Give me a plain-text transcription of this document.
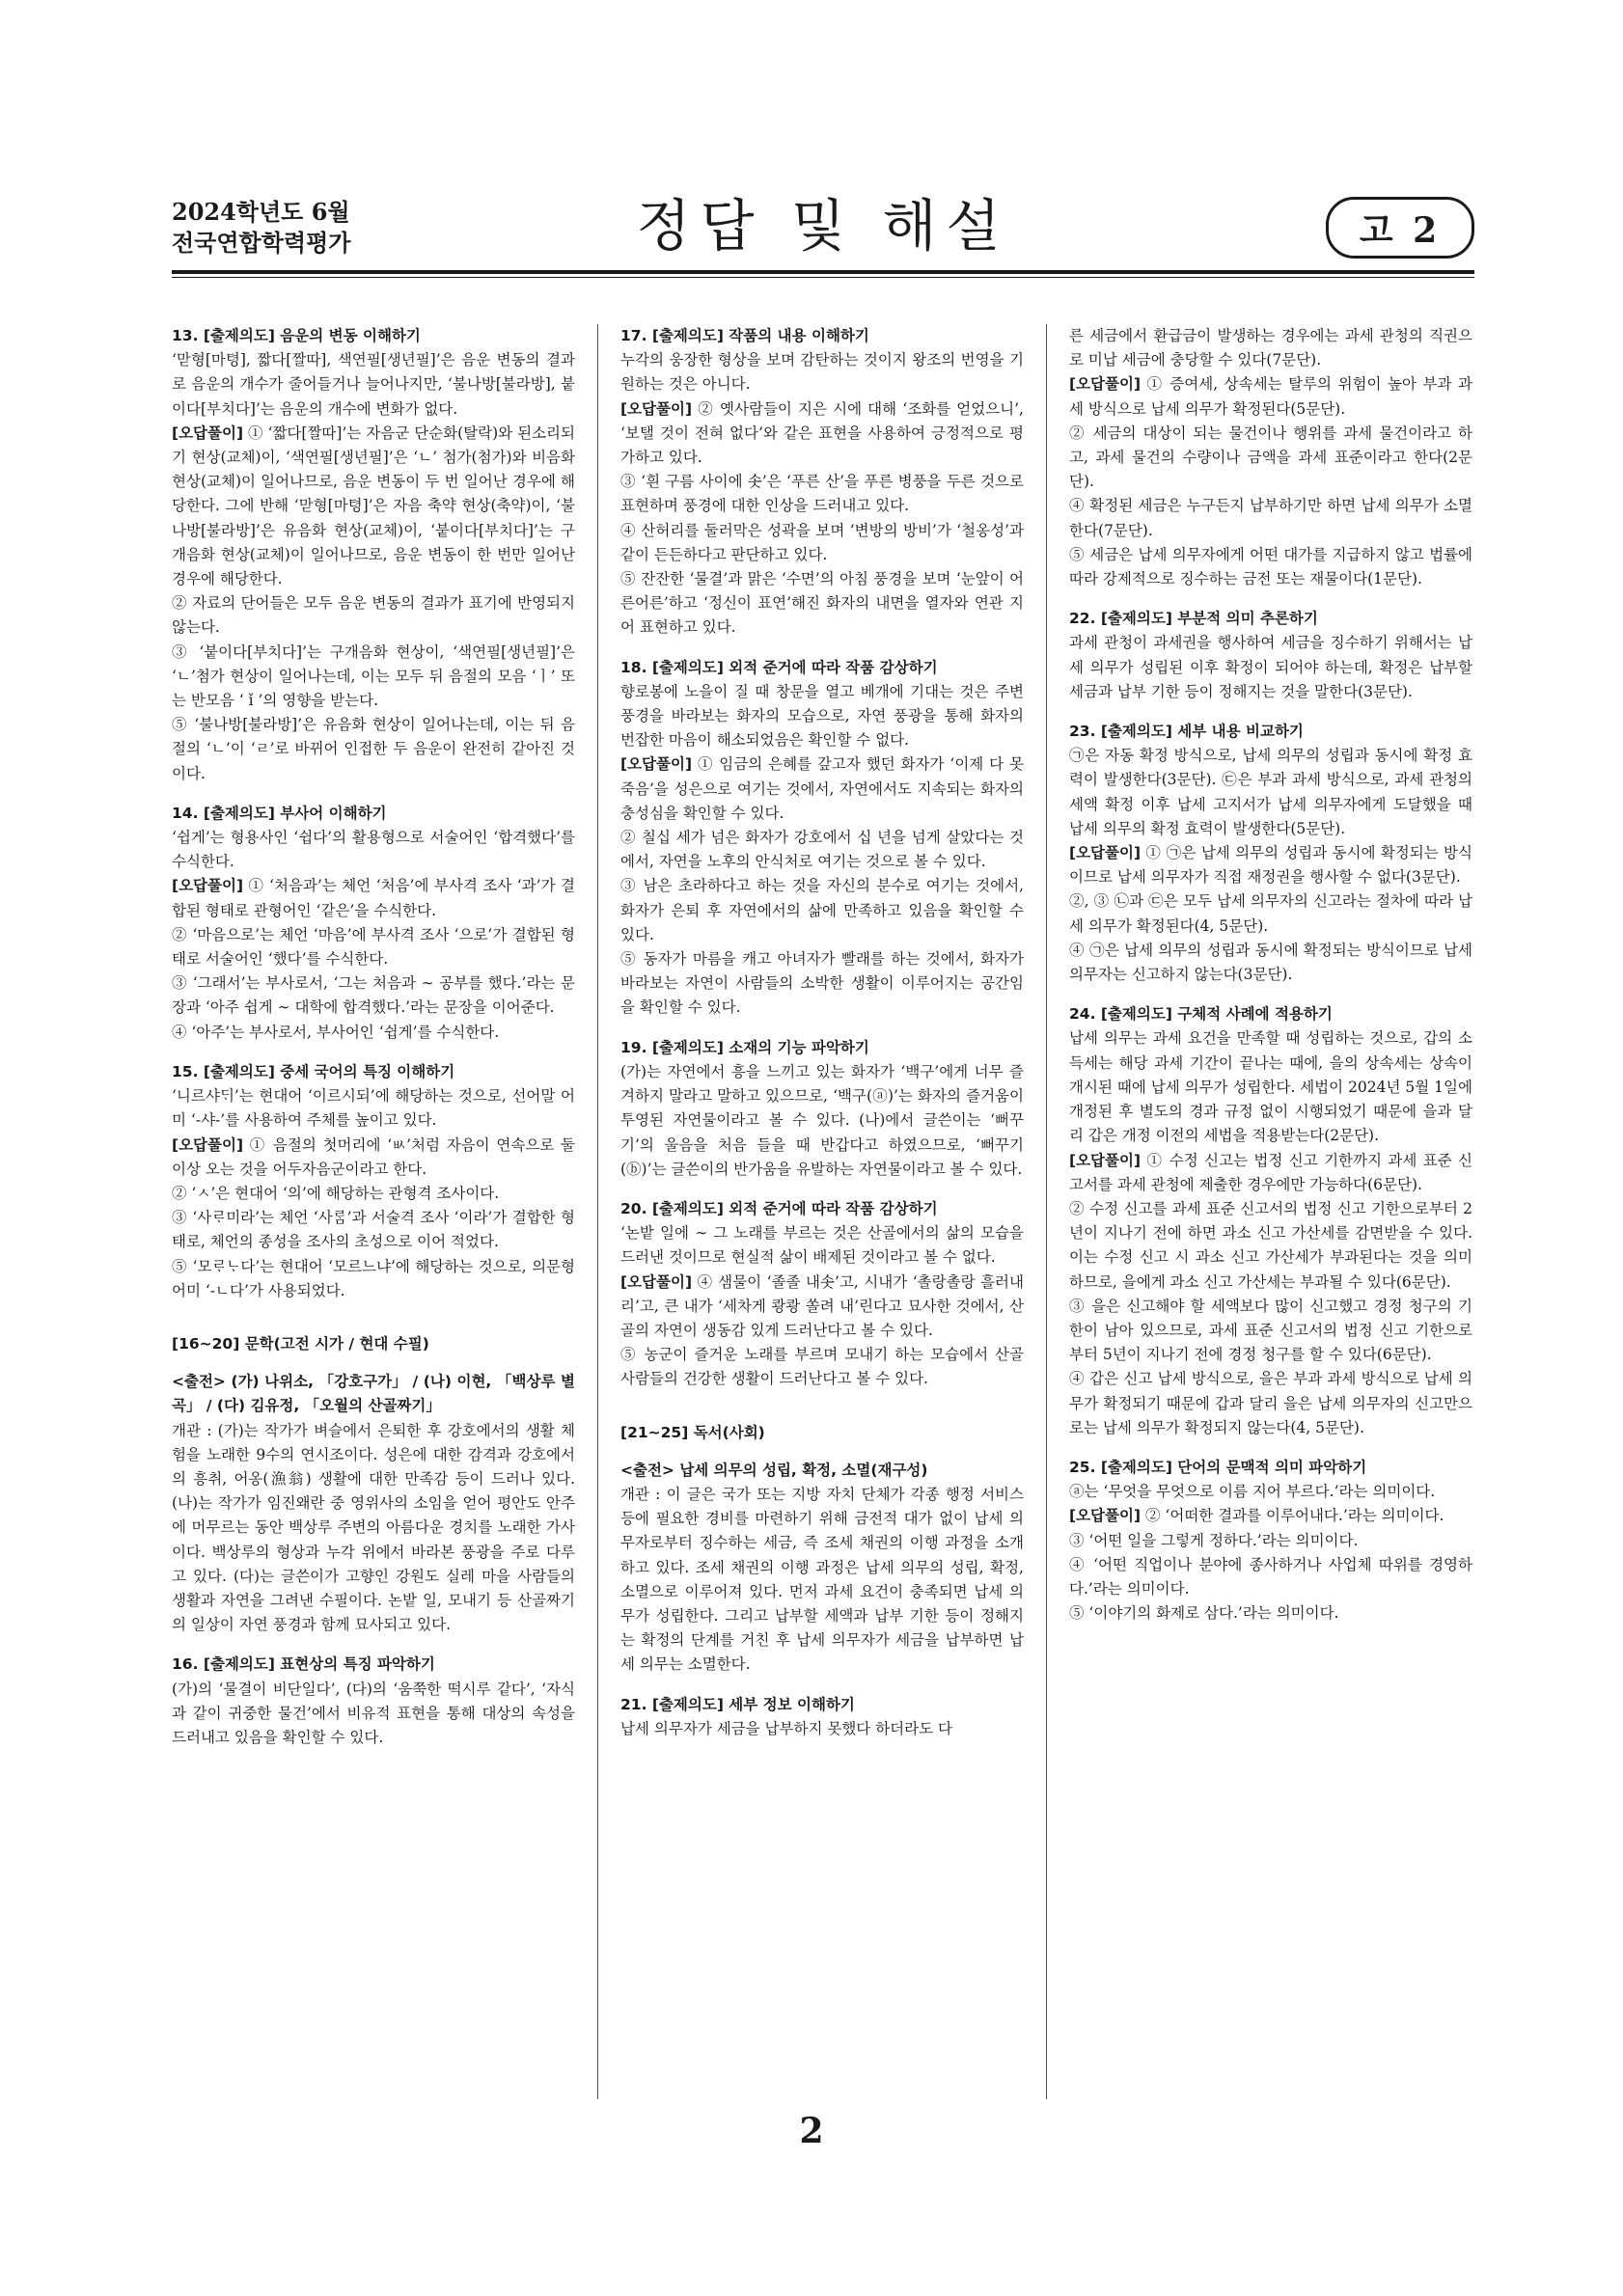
2024학년도 6월
전국연합학력평가	정답 및 해설	고 2
13. [출제의도] 음운의 변동 이해하기
‘맏형[마텽], 짧다[짤따], 색연필[생년필]’은 음운 변동의 결과로 음운의 개수가 줄어들거나 늘어나지만, ‘불나방[불라방], 붙이다[부치다]’는 음운의 개수에 변화가 없다.
[오답풀이] ① ‘짧다[짤따]’는 자음군 단순화(탈락)와 된소리되기 현상(교체)이, ‘색연필[생년필]’은 ‘ㄴ’ 첨가(첨가)와 비음화 현상(교체)이 일어나므로, 음운 변동이 두 번 일어난 경우에 해당한다. 그에 반해 ‘맏형[마텽]’은 자음 축약 현상(축약)이, ‘불나방[불라방]’은 유음화 현상(교체)이, ‘붙이다[부치다]’는 구개음화 현상(교체)이 일어나므로, 음운 변동이 한 번만 일어난 경우에 해당한다.
② 자료의 단어들은 모두 음운 변동의 결과가 표기에 반영되지 않는다.
③ ‘붙이다[부치다]’는 구개음화 현상이, ‘색연필[생년필]’은 ‘ㄴ’첨가 현상이 일어나는데, 이는 모두 뒤 음절의 모음 ‘ㅣ’ 또는 반모음 ‘ ǐ ’의 영향을 받는다.
⑤ ‘불나방[불라방]’은 유음화 현상이 일어나는데, 이는 뒤 음절의 ‘ㄴ’이 ‘ㄹ’로 바뀌어 인접한 두 음운이 완전히 같아진 것이다.
14. [출제의도] 부사어 이해하기
‘쉽게’는 형용사인 ‘쉽다’의 활용형으로 서술어인 ‘합격했다’를 수식한다.
[오답풀이] ① ‘처음과’는 체언 ‘처음’에 부사격 조사 ‘과’가 결합된 형태로 관형어인 ‘같은’을 수식한다.
② ‘마음으로’는 체언 ‘마음’에 부사격 조사 ‘으로’가 결합된 형태로 서술어인 ‘했다’를 수식한다.
③ ‘그래서’는 부사로서, ‘그는 처음과 ∼ 공부를 했다.’라는 문장과 ‘아주 쉽게 ∼ 대학에 합격했다.’라는 문장을 이어준다.
④ ‘아주’는 부사로서, 부사어인 ‘쉽게’를 수식한다.
15. [출제의도] 중세 국어의 특징 이해하기
‘니르샤ᄃᆡ’는 현대어 ‘이르시되’에 해당하는 것으로, 선어말 어미 ‘-샤-’를 사용하여 주체를 높이고 있다.
[오답풀이] ① 음절의 첫머리에 ‘ㅄ’처럼 자음이 연속으로 둘 이상 오는 것을 어두자음군이라고 한다.
② ‘ㅅ’은 현대어 ‘의’에 해당하는 관형격 조사이다.
③ ‘사ᄅᆞ미라’는 체언 ‘사ᄅᆞᆷ’과 서술격 조사 ‘이라’가 결합한 형태로, 체언의 종성을 조사의 초성으로 이어 적었다.
⑤ ‘모ᄅᆞᄂᆞ다’는 현대어 ‘모르느냐’에 해당하는 것으로, 의문형 어미 ‘-ㄴ다’가 사용되었다.
[16~20] 문학(고전 시가 / 현대 수필)
<출전> (가) 나위소, 「강호구가」 / (나) 이현, 「백상루 별곡」 / (다) 김유정, 「오월의 산골짜기」
개관 : (가)는 작가가 벼슬에서 은퇴한 후 강호에서의 생활 체험을 노래한 9수의 연시조이다. 성은에 대한 감격과 강호에서의 흥취, 어옹(漁翁) 생활에 대한 만족감 등이 드러나 있다. (나)는 작가가 임진왜란 중 영위사의 소임을 얻어 평안도 안주에 머무르는 동안 백상루 주변의 아름다운 경치를 노래한 가사이다. 백상루의 형상과 누각 위에서 바라본 풍광을 주로 다루고 있다. (다)는 글쓴이가 고향인 강원도 실레 마을 사람들의 생활과 자연을 그려낸 수필이다. 논밭 일, 모내기 등 산골짜기의 일상이 자연 풍경과 함께 묘사되고 있다.
16. [출제의도] 표현상의 특징 파악하기
(가)의 ‘물결이 비단일다’, (다)의 ‘움쭉한 떡시루 같다’, ‘자식과 같이 귀중한 물건’에서 비유적 표현을 통해 대상의 속성을 드러내고 있음을 확인할 수 있다.
17. [출제의도] 작품의 내용 이해하기
누각의 웅장한 형상을 보며 감탄하는 것이지 왕조의 번영을 기원하는 것은 아니다.
[오답풀이] ② 옛사람들이 지은 시에 대해 ‘조화를 얻었으니’, ‘보탤 것이 전혀 없다’와 같은 표현을 사용하여 긍정적으로 평가하고 있다.
③ ‘흰 구름 사이에 솟’은 ‘푸른 산’을 푸른 병풍을 두른 것으로 표현하며 풍경에 대한 인상을 드러내고 있다.
④ 산허리를 둘러막은 성곽을 보며 ‘변방의 방비’가 ‘철옹성’과 같이 든든하다고 판단하고 있다.
⑤ 잔잔한 ‘물결’과 맑은 ‘수면’의 아침 풍경을 보며 ‘눈앞이 어른어른’하고 ‘정신이 표연’해진 화자의 내면을 열자와 연관 지어 표현하고 있다.
18. [출제의도] 외적 준거에 따라 작품 감상하기
향로봉에 노을이 질 때 창문을 열고 베개에 기대는 것은 주변 풍경을 바라보는 화자의 모습으로, 자연 풍광을 통해 화자의 번잡한 마음이 해소되었음은 확인할 수 없다.
[오답풀이] ① 임금의 은혜를 갚고자 했던 화자가 ‘이제 다 못 죽음’을 성은으로 여기는 것에서, 자연에서도 지속되는 화자의 충성심을 확인할 수 있다.
② 칠십 세가 넘은 화자가 강호에서 십 년을 넘게 살았다는 것에서, 자연을 노후의 안식처로 여기는 것으로 볼 수 있다.
③ 남은 초라하다고 하는 것을 자신의 분수로 여기는 것에서, 화자가 은퇴 후 자연에서의 삶에 만족하고 있음을 확인할 수 있다.
⑤ 동자가 마름을 캐고 아녀자가 빨래를 하는 것에서, 화자가 바라보는 자연이 사람들의 소박한 생활이 이루어지는 공간임을 확인할 수 있다.
19. [출제의도] 소재의 기능 파악하기
(가)는 자연에서 흥을 느끼고 있는 화자가 ‘백구’에게 너무 즐겨하지 말라고 말하고 있으므로, ‘백구(ⓐ)’는 화자의 즐거움이 투영된 자연물이라고 볼 수 있다. (나)에서 글쓴이는 ‘뻐꾸기’의 울음을 처음 들을 때 반갑다고 하였으므로, ‘뻐꾸기(ⓑ)’는 글쓴이의 반가움을 유발하는 자연물이라고 볼 수 있다.
20. [출제의도] 외적 준거에 따라 작품 감상하기
‘논밭 일에 ∼ 그 노래를 부르는 것은 산골에서의 삶의 모습을 드러낸 것이므로 현실적 삶이 배제된 것이라고 볼 수 없다.
[오답풀이] ④ 샘물이 ‘졸졸 내솟’고, 시내가 ‘촐랑촐랑 흘러내리’고, 큰 내가 ‘세차게 쾅쾅 쏠려 내’린다고 묘사한 것에서, 산골의 자연이 생동감 있게 드러난다고 볼 수 있다.
⑤ 농군이 즐거운 노래를 부르며 모내기 하는 모습에서 산골 사람들의 건강한 생활이 드러난다고 볼 수 있다.
[21~25] 독서(사회)
<출전> 납세 의무의 성립, 확정, 소멸(재구성)
개관 : 이 글은 국가 또는 지방 자치 단체가 각종 행정 서비스 등에 필요한 경비를 마련하기 위해 금전적 대가 없이 납세 의무자로부터 징수하는 세금, 즉 조세 채권의 이행 과정을 소개하고 있다. 조세 채권의 이행 과정은 납세 의무의 성립, 확정, 소멸으로 이루어져 있다. 먼저 과세 요건이 충족되면 납세 의무가 성립한다. 그리고 납부할 세액과 납부 기한 등이 정해지는 확정의 단계를 거친 후 납세 의무자가 세금을 납부하면 납세 의무는 소멸한다.
21. [출제의도] 세부 정보 이해하기
납세 의무자가 세금을 납부하지 못했다 하더라도 다
른 세금에서 환급금이 발생하는 경우에는 과세 관청의 직권으로 미납 세금에 충당할 수 있다(7문단).
[오답풀이] ① 증여세, 상속세는 탈루의 위험이 높아 부과 과세 방식으로 납세 의무가 확정된다(5문단).
② 세금의 대상이 되는 물건이나 행위를 과세 물건이라고 하고, 과세 물건의 수량이나 금액을 과세 표준이라고 한다(2문단).
④ 확정된 세금은 누구든지 납부하기만 하면 납세 의무가 소멸한다(7문단).
⑤ 세금은 납세 의무자에게 어떤 대가를 지급하지 않고 법률에 따라 강제적으로 징수하는 금전 또는 재물이다(1문단).
22. [출제의도] 부분적 의미 추론하기
과세 관청이 과세권을 행사하여 세금을 징수하기 위해서는 납세 의무가 성립된 이후 확정이 되어야 하는데, 확정은 납부할 세금과 납부 기한 등이 정해지는 것을 말한다(3문단).
23. [출제의도] 세부 내용 비교하기
㉠은 자동 확정 방식으로, 납세 의무의 성립과 동시에 확정 효력이 발생한다(3문단). ㉢은 부과 과세 방식으로, 과세 관청의 세액 확정 이후 납세 고지서가 납세 의무자에게 도달했을 때 납세 의무의 확정 효력이 발생한다(5문단).
[오답풀이] ① ㉠은 납세 의무의 성립과 동시에 확정되는 방식이므로 납세 의무자가 직접 재정권을 행사할 수 없다(3문단).
②, ③ ㉡과 ㉢은 모두 납세 의무자의 신고라는 절차에 따라 납세 의무가 확정된다(4, 5문단).
④ ㉠은 납세 의무의 성립과 동시에 확정되는 방식이므로 납세 의무자는 신고하지 않는다(3문단).
24. [출제의도] 구체적 사례에 적용하기
납세 의무는 과세 요건을 만족할 때 성립하는 것으로, 갑의 소득세는 해당 과세 기간이 끝나는 때에, 을의 상속세는 상속이 개시된 때에 납세 의무가 성립한다. 세법이 2024년 5월 1일에 개정된 후 별도의 경과 규정 없이 시행되었기 때문에 을과 달리 갑은 개정 이전의 세법을 적용받는다(2문단).
[오답풀이] ① 수정 신고는 법정 신고 기한까지 과세 표준 신고서를 과세 관청에 제출한 경우에만 가능하다(6문단).
② 수정 신고를 과세 표준 신고서의 법정 신고 기한으로부터 2년이 지나기 전에 하면 과소 신고 가산세를 감면받을 수 있다. 이는 수정 신고 시 과소 신고 가산세가 부과된다는 것을 의미하므로, 을에게 과소 신고 가산세는 부과될 수 있다(6문단).
③ 을은 신고해야 할 세액보다 많이 신고했고 경정 청구의 기한이 남아 있으므로, 과세 표준 신고서의 법정 신고 기한으로부터 5년이 지나기 전에 경정 청구를 할 수 있다(6문단).
④ 갑은 신고 납세 방식으로, 을은 부과 과세 방식으로 납세 의무가 확정되기 때문에 갑과 달리 을은 납세 의무자의 신고만으로는 납세 의무가 확정되지 않는다(4, 5문단).
25. [출제의도] 단어의 문맥적 의미 파악하기
ⓐ는 ‘무엇을 무엇으로 이름 지어 부르다.’라는 의미이다.
[오답풀이] ② ‘어떠한 결과를 이루어내다.’라는 의미이다.
③ ‘어떤 일을 그렇게 정하다.’라는 의미이다.
④ ‘어떤 직업이나 분야에 종사하거나 사업체 따위를 경영하다.’라는 의미이다.
⑤ ‘이야기의 화제로 삼다.’라는 의미이다.
2
